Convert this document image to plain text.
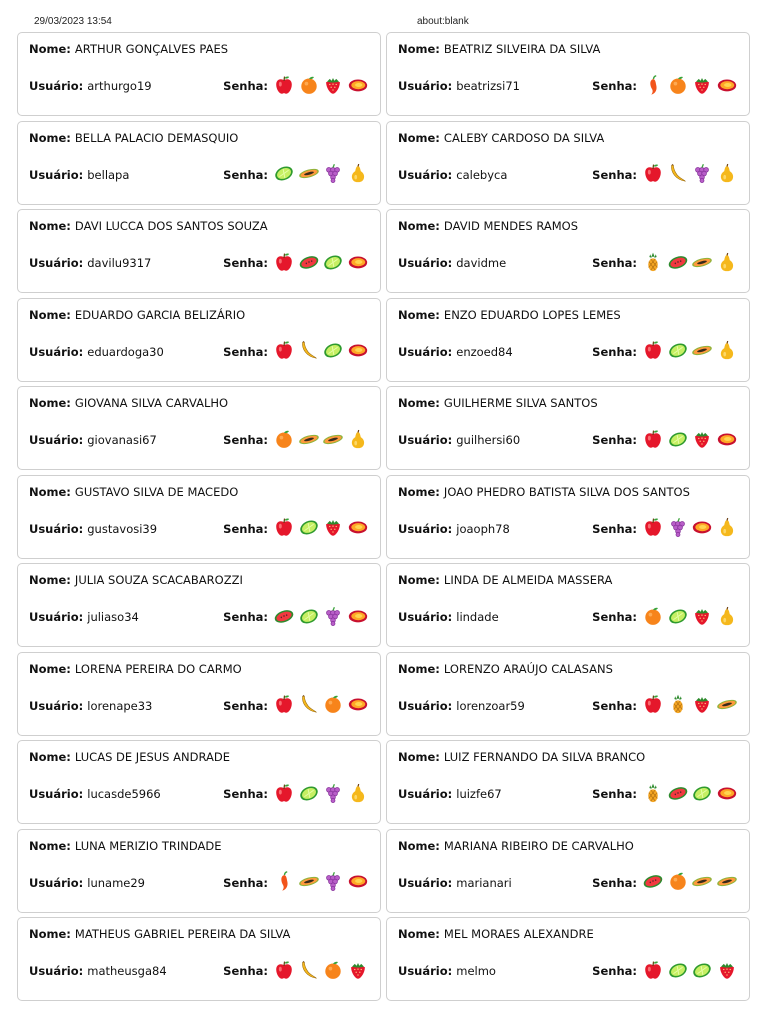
29/03/2023 13:54	about:blank
Nome: ARTHUR GONÇALVES PAES
Usuário: arthurgo19	Senha:
Nome: BEATRIZ SILVEIRA DA SILVA
Usuário: beatrizsi71	Senha:
Nome: BELLA PALACIO DEMASQUIO
Usuário: bellapa	Senha:
Nome: CALEBY CARDOSO DA SILVA
Usuário: calebyca	Senha:
Nome: DAVI LUCCA DOS SANTOS SOUZA
Usuário: davilu9317	Senha:
Nome: DAVID MENDES RAMOS
Usuário: davidme	Senha:
Nome: EDUARDO GARCIA BELIZÁRIO
Usuário: eduardoga30	Senha:
Nome: ENZO EDUARDO LOPES LEMES
Usuário: enzoed84	Senha:
Nome: GIOVANA SILVA CARVALHO
Usuário: giovanasi67	Senha:
Nome: GUILHERME SILVA SANTOS
Usuário: guilhersi60	Senha:
Nome: GUSTAVO SILVA DE MACEDO
Usuário: gustavosi39	Senha:
Nome: JOAO PHEDRO BATISTA SILVA DOS SANTOS
Usuário: joaoph78	Senha:
Nome: JULIA SOUZA SCACABAROZZI
Usuário: juliaso34	Senha:
Nome: LINDA DE ALMEIDA MASSERA
Usuário: lindade	Senha:
Nome: LORENA PEREIRA DO CARMO
Usuário: lorenape33	Senha:
Nome: LORENZO ARAÚJO CALASANS
Usuário: lorenzoar59	Senha:
Nome: LUCAS DE JESUS ANDRADE
Usuário: lucasde5966	Senha:
Nome: LUIZ FERNANDO DA SILVA BRANCO
Usuário: luizfe67	Senha:
Nome: LUNA MERIZIO TRINDADE
Usuário: luname29	Senha:
Nome: MARIANA RIBEIRO DE CARVALHO
Usuário: marianari	Senha:
Nome: MATHEUS GABRIEL PEREIRA DA SILVA
Usuário: matheusga84	Senha:
Nome: MEL MORAES ALEXANDRE
Usuário: melmo	Senha:
